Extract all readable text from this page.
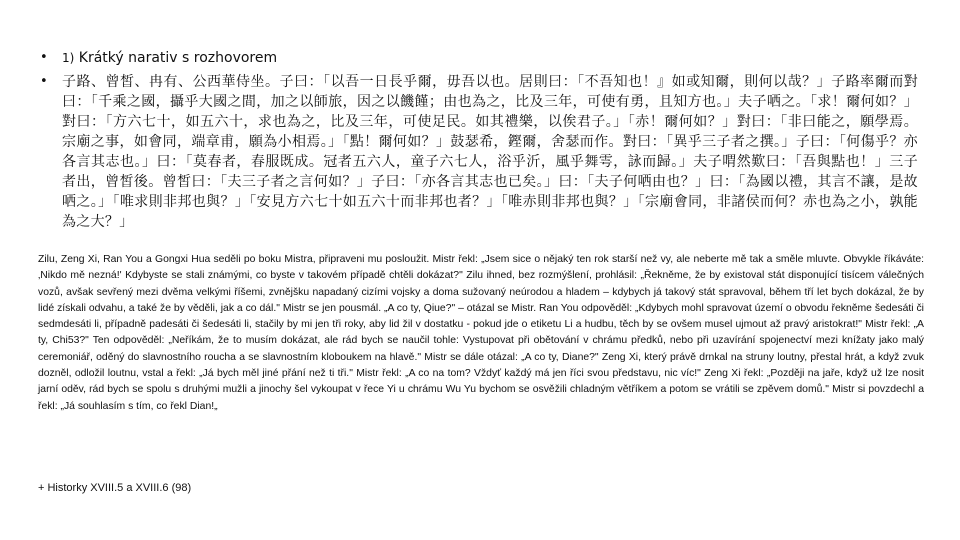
• 1) Krátký narativ s rozhovorem
• 子路、曾皙、冉有、公西華侍坐。子曰：「以吾一日長乎爾，毋吾以也。居則曰：「不吾知也！』如或知爾，則何以哉？」子路率爾而對曰：「千乘之國，攝乎大國之間，加之以師旅，因之以饑饉；由也為之，比及三年，可使有勇，且知方也。」夫子哂之。「求！爾何如？」對曰：「方六七十，如五六十，求也為之，比及三年，可使足民。如其禮樂，以俟君子。」「赤！爾何如？」對曰：「非曰能之，願學焉。宗廟之事，如會同，端章甫，願為小相焉。」「點！爾何如？」鼓瑟希，鏗爾，舍瑟而作。對曰：「異乎三子者之撰。」子曰：「何傷乎？亦各言其志也。」曰：「莫春者，春服既成。冠者五六人，童子六七人，浴乎沂，風乎舞雩，詠而歸。」夫子喟然歎曰：「吾與點也！」三子者出，曾皙後。曾皙曰：「夫三子者之言何如？」子曰：「亦各言其志也已矣。」曰：「夫子何哂由也？」曰：「為國以禮，其言不讓，是故哂之。」「唯求則非邦也與？」「安見方六七十如五六十而非邦也者？」「唯赤則非邦也與？」「宗廟會同，非諸侯而何？赤也為之小，孰能為之大？」

Zilu, Zeng Xi, Ran You a Gongxi Hua seděli po boku Mistra, připraveni mu posloužit. Mistr řekl: „Jsem sice o nějaký ten rok starší než vy, ale neberte mě tak a směle mluvte. Obvykle říkáváte: ‚Nikdo mě nezná!' Kdybyste se stali známými, co byste v takovém případě chtěli dokázat?" Zilu ihned, bez rozmýšlení, prohlásil: „Řekněme, že by existoval stát disponující tisícem válečných vozů, avšak sevřený mezi dvěma velkými říšemi, zvnějšku napadaný cizími vojsky a doma sužovaný neúrodou a hladem – kdybych já takový stát spravoval, během tří let bych dokázal, že by lidé získali odvahu, a také že by věděli, jak a co dál." Mistr se jen pousmál. „A co ty, Qiue?" – otázal se Mistr. Ran You odpověděl: „Kdybych mohl spravovat území o obvodu řekněme šedesáti či sedmdesáti li, případně padesáti či šedesáti li, stačily by mi jen tři roky, aby lid žil v dostatku - pokud jde o etiketu Li a hudbu, těch by se ovšem musel ujmout až pravý aristokrat!" Mistr řekl: „A ty, Chi53?" Ten odpověděl: „Neříkám, že to musím dokázat, ale rád bych se naučil tohle: Vystupovat při obětování v chrámu předků, nebo při uzavírání spojenectví mezi knížaty jako malý ceremoniář, oděný do slavnostního roucha a se slavnostním kloboukem na hlavě." Mistr se dále otázal: „A co ty, Diane?" Zeng Xi, který právě drnkal na struny loutny, přestal hrát, a když zvuk dozněl, odložil loutnu, vstal a řekl: „Já bych měl jiné přání než ti tři." Mistr řekl: „A co na tom? Vždyť každý má jen říci svou představu, nic víc!" Zeng Xi řekl: „Později na jaře, když už lze nosit jarní oděv, rád bych se spolu s druhými mužli a jinochy šel vykoupat v řece Yi u chrámu Wu Yu bychom se osvěžili chladným větříkem a potom se vrátili se zpěvem domů." Mistr si povzdechl a řekl: „Já souhlasím s tím, co řekl Dian!„

+ Historky XVIII.5 a XVIII.6 (98)
